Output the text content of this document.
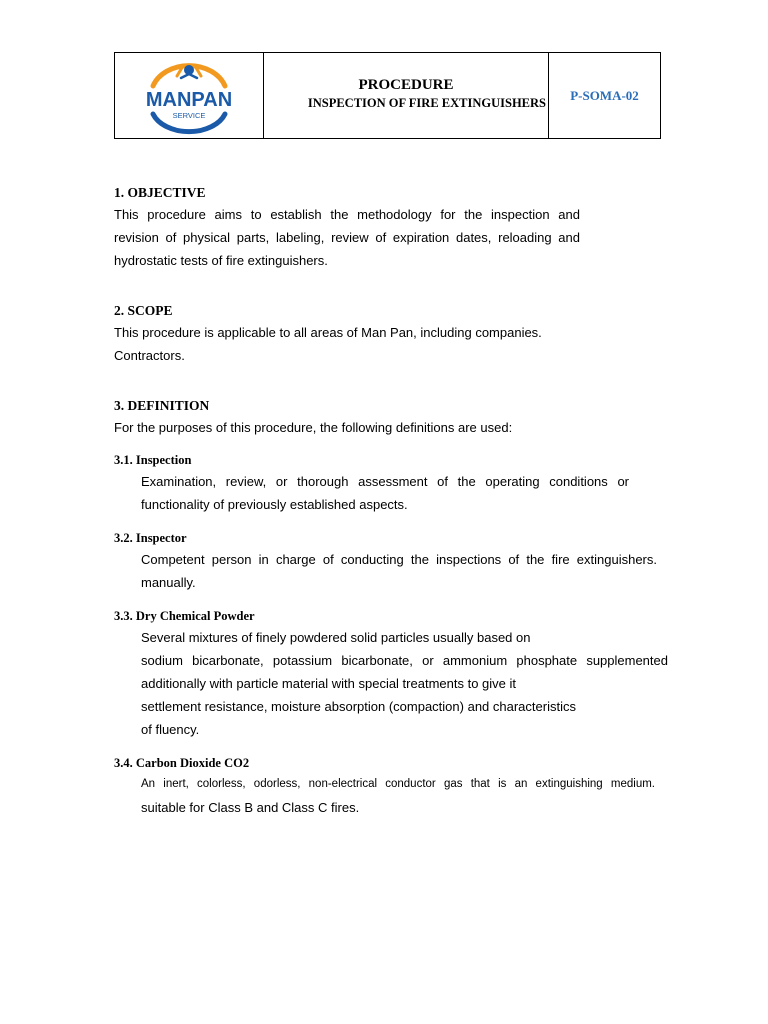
MANPAN
SERVICE
PROCEDURE
INSPECTION OF FIRE EXTINGUISHERS
P-SOMA-02
1. OBJECTIVE

This procedure aims to establish the methodology for the inspection and

revision of physical parts, labeling, review of expiration dates, reloading and

hydrostatic tests of fire extinguishers.

2. SCOPE

This procedure is applicable to all areas of Man Pan, including companies.

Contractors.

3. DEFINITION

For the purposes of this procedure, the following definitions are used:

3.1. Inspection

Examination, review, or thorough assessment of the operating conditions or

functionality of previously established aspects.

3.2. Inspector

Competent person in charge of conducting the inspections of the fire extinguishers.

manually.

3.3. Dry Chemical Powder

Several mixtures of finely powdered solid particles usually based on

sodium bicarbonate, potassium bicarbonate, or ammonium phosphate supplemented

additionally with particle material with special treatments to give it

settlement resistance, moisture absorption (compaction) and characteristics

of fluency.

3.4. Carbon Dioxide CO2

An inert, colorless, odorless, non-electrical conductor gas that is an extinguishing medium.

suitable for Class B and Class C fires.
